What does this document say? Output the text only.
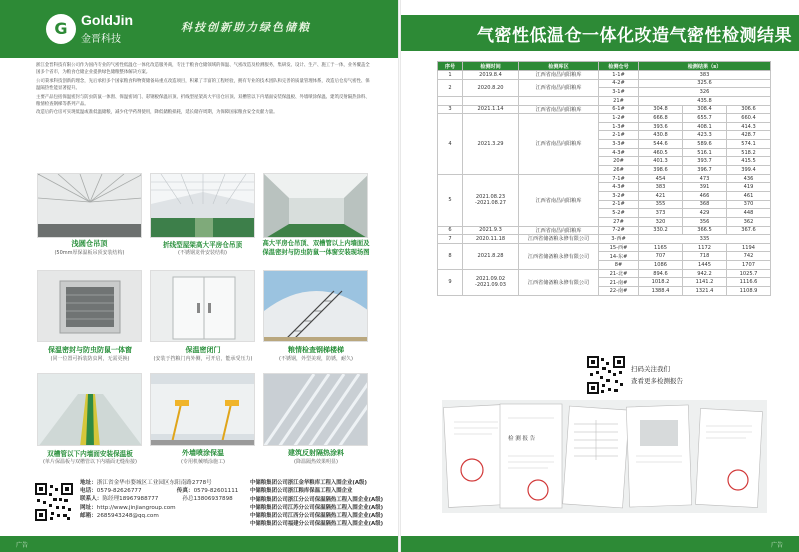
G GoldJin
金晋科技
科技创新助力绿色储粮

浙江金晋科技有限公司作为国内专业的气密性低温仓一体化改造服务商，专注于粮食仓储领域的保温、气密改造及检测服务，集研发、设计、生产、施工于一体，业务覆盖全国多个省市，为粮食仓储企业提供绿色储粮整体解决方案。

公司秉承科技创新的理念，先后承担多个国家粮食和物资储备局重点改造项目，积累了丰富的工程经验，拥有专业的技术团队和完善的质量管理体系，改造后仓房气密性、保温隔热性能显著提升。

主要产品包括保温密封与防虫防鼠一体窗、保温密闭门、彩钢板保温吊顶、折线型屋架高大平房仓吊顶、双槽管以下内墙面安装保温板、外墙喷涂保温、建筑反射隔热涂料、粮情检查钢梯等系列产品。

改造后的仓房可实现低温或准低温储粮，减少化学药剂使用，降低储粮损耗，延长储存周期，为保障国家粮食安全贡献力量。

浅圆仓吊顶
(50mm厚保温板吊顶安装结构)
折线型屋架高大平房仓吊顶
(不锈钢龙骨安装结构)
高大平房仓吊顶、双槽管以上内墙面及
保温密封与防虫防鼠一体窗安装现场图
保温密封与防虫防鼠一体窗
(同一位置可拆装防虫网，无需更换)
保温密闭门
(安装于挡粮门内外侧，可开启，能承受压力)
粮情检查钢梯楼梯
(不锈钢，外型美观，防锈，耐久)
双槽管以下内墙面安装保温板
(单片保温板与双槽管以下内墙面无缝衔接)
外墙喷涂保温
(专用机械喷涂施工)
建筑反射隔热涂料
(降温隔热效果明显)
地址：浙江省金华市婺城区工业园区东阳南路2778号
电话：0579-82626777	传真：0579-82601111
联系人：陈经理18967988777	孙总13806937898
网址：http://www.jinjiangroup.com
邮箱：2685943248@qq.com
中储粮集团公司浙江金华粮库工程入围企业(A级)
中储粮集团公司浙江粮库保温工程入围企业
中储粮集团公司浙江分公司保温隔热工程入围企业(A级)
中储粮集团公司江苏分公司保温隔热工程入围企业(A级)
中储粮集团公司江西分公司保温隔热工程入围企业(A级)
中储粮集团公司福建分公司保温隔热工程入围企业(A级)
广告
气密性低温仓一体化改造气密性检测结果
序号	检测时间	检测库区	检测仓号	检测结果（s）		
1	2019.8.4	江西省南昌向阳粮库	1-1#	383		
2	2020.8.20	江西省南昌向阳粮库	4-2#	325.6		
			3-1#	326		
			21#	435.8		
3	2021.1.14	江西省南昌向阳粮库	6-1#	304.8	308.4	306.6
4	2021.3.29	江西省南昌向阳粮库	1-2#	666.8	655.7	660.4
			1-3#	393.6	408.1	414.3
			2-1#	430.8	423.3	428.7
			3-3#	544.6	589.6	574.1
			4-3#	460.5	516.1	518.2
			20#	401.3	393.7	415.5
			26#	398.6	396.7	399.4
5	2021.08.23
-2021.08.27	江西省南昌向阳粮库	7-1#	454	473	436
			4-3#	383	391	419
			3-2#	421	466	461
			2-1#	355	368	370
			5-2#	373	429	448
			27#	320	356	362
6	2021.9.3	江西省南昌向阳粮库	7-2#	330.2	366.5	367.6
7	2020.11.18	江西省储备粮永修有限公司	3-西#	335		
8	2021.8.28	江西省储备粮永修有限公司	15-西#	1165	1172	1194
			14-东#	707	718	742
			8#	1086	1445	1707
9	2021.09.02
-2021.09.03	江西省储备粮永修有限公司	21-北#	894.6	942.2	1025.7
			21-南#	1018.2	1141.2	1116.6
			22-南#	1388.4	1321.4	1108.9
扫码关注我们
查看更多检测报告
检 测 报 告
广告
